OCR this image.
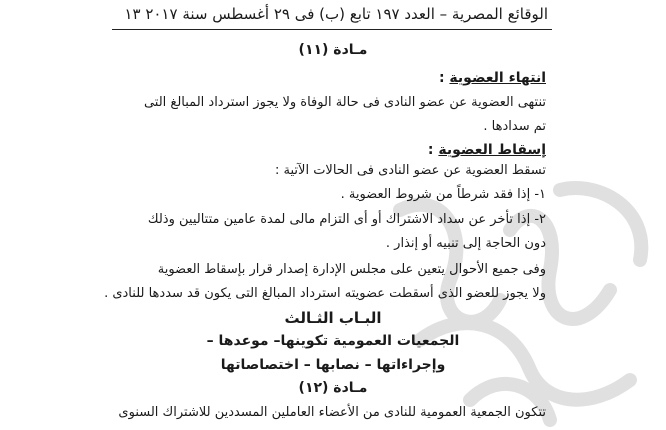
الوقائع المصرية – العدد ١٩٧ تابع (ب) فى ٢٩ أغسطس سنة ٢٠١٧ ١٣
مـادة (١١)
انتهاء العضوية :
تنتهى العضوية عن عضو النادى فى حالة الوفاة ولا يجوز استرداد المبالغ التى
تم سدادها .
إسقاط العضوية :
تسقط العضوية عن عضو النادى فى الحالات الآتية :
١- إذا فقد شرطاً من شروط العضوية .
٢- إذا تأخر عن سداد الاشتراك أو أى التزام مالى لمدة عامين متتاليين وذلك
دون الحاجة إلى تنبيه أو إنذار .
وفى جميع الأحوال يتعين على مجلس الإدارة إصدار قرار بإسقاط العضوية
ولا يجوز للعضو الذى أسقطت عضويته استرداد المبالغ التى يكون قد سددها للنادى .
البـاب الثـالث
الجمعيات العمومية تكوينها– موعدها –
وإجراءاتها – نصابها – اختصاصاتها
مـادة (١٢)
تتكون الجمعية العمومية للنادى من الأعضاء العاملين المسددين للاشتراك السنوى
